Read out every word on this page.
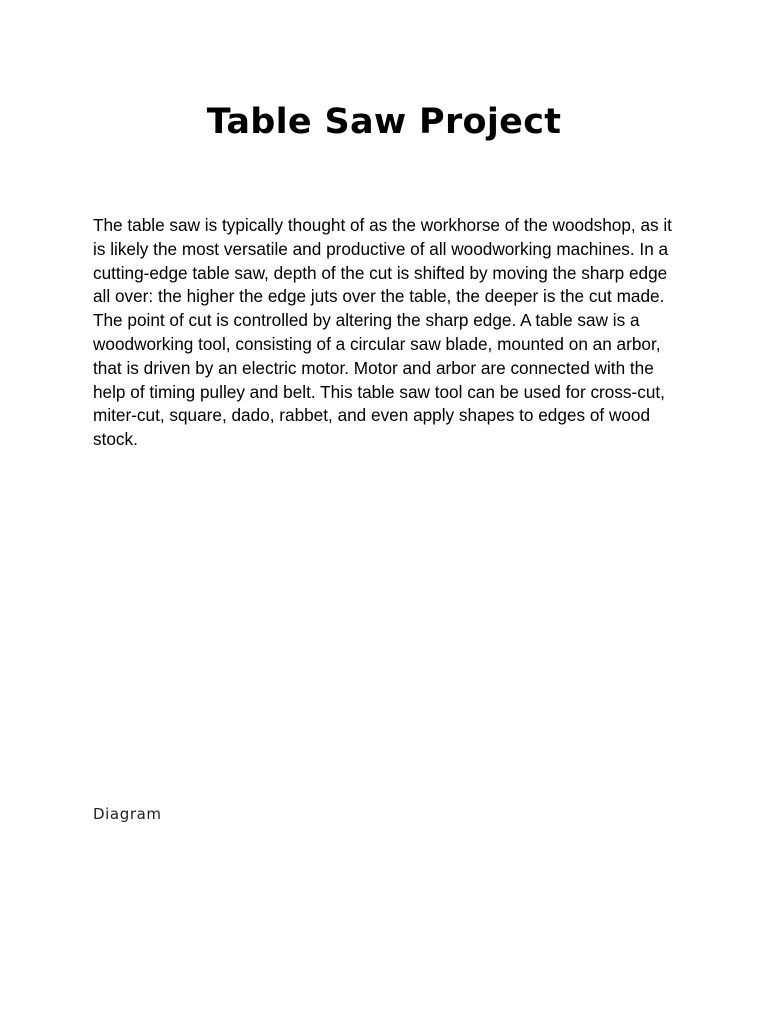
Table Saw Project

The table saw is typically thought of as the workhorse of the woodshop, as it is likely the most versatile and productive of all woodworking machines. In a cutting-edge table saw, depth of the cut is shifted by moving the sharp edge all over: the higher the edge juts over the table, the deeper is the cut made. The point of cut is controlled by altering the sharp edge. A table saw is a woodworking tool, consisting of a circular saw blade, mounted on an arbor, that is driven by an electric motor. Motor and arbor are connected with the help of timing pulley and belt. This table saw tool can be used for cross-cut, miter-cut, square, dado, rabbet, and even apply shapes to edges of wood stock.

Diagram
